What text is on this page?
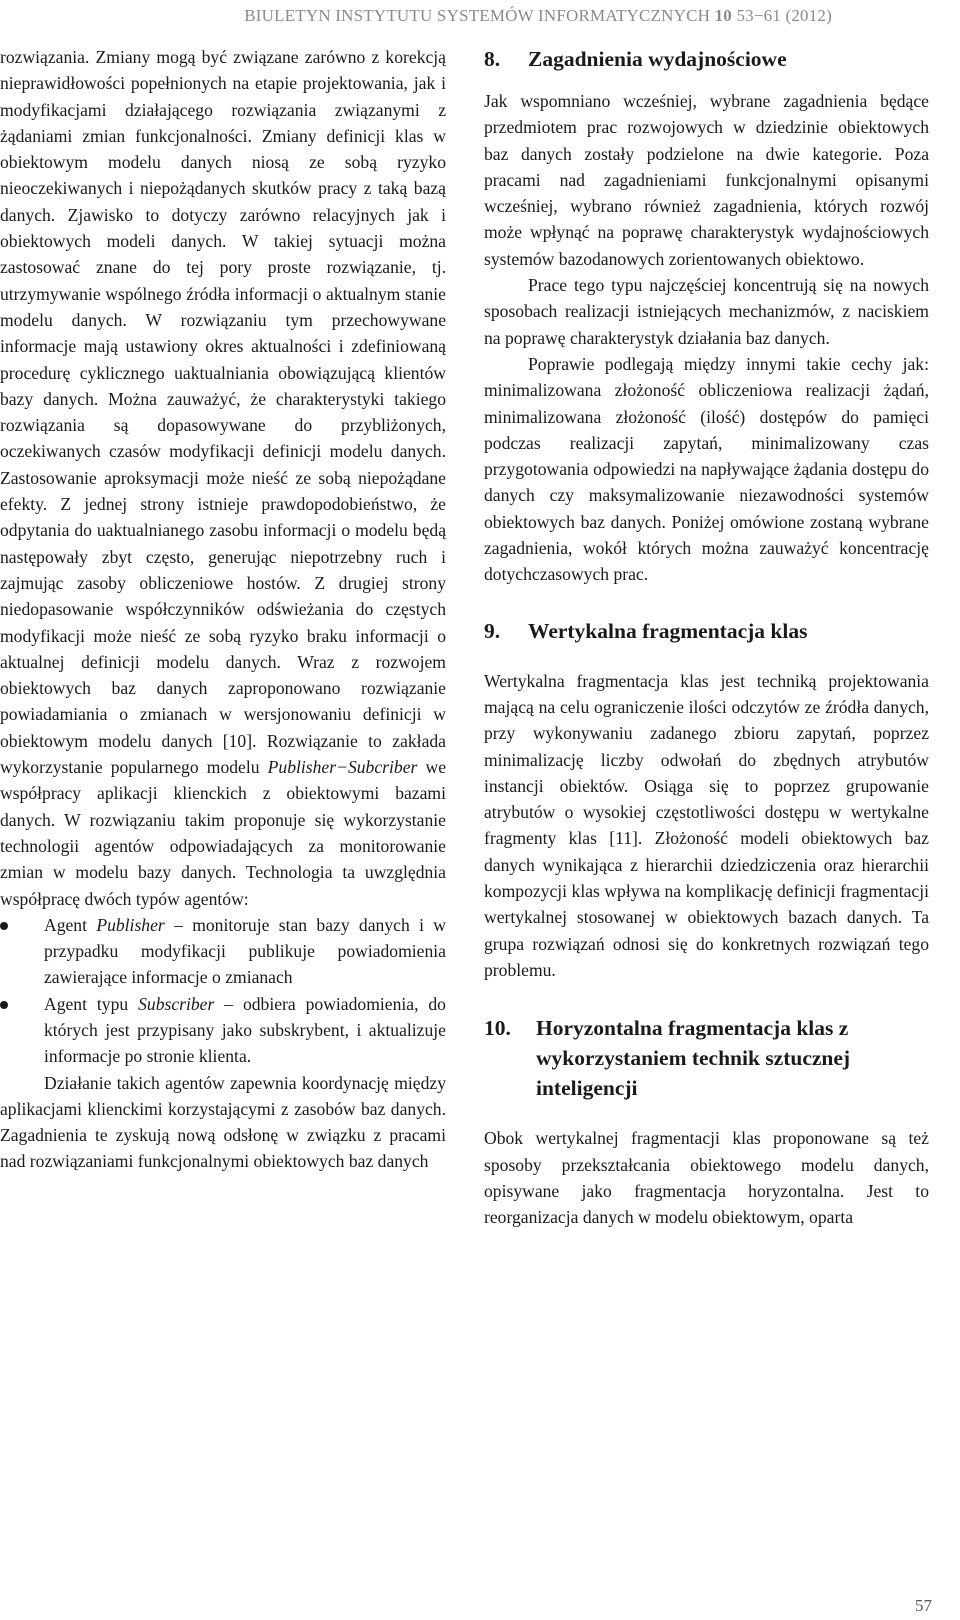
BIULETYN INSTYTUTU SYSTEMÓW INFORMATYCZNYCH 10 53−61 (2012)

rozwiązania. Zmiany mogą być związane zarówno z korekcją nieprawidłowości popełnionych na etapie projektowania, jak i modyfikacjami działającego rozwiązania związanymi z żądaniami zmian funkcjonalności. Zmiany definicji klas w obiektowym modelu danych niosą ze sobą ryzyko nieoczekiwanych i niepożądanych skutków pracy z taką bazą danych. Zjawisko to dotyczy zarówno relacyjnych jak i obiektowych modeli danych. W takiej sytuacji można zastosować znane do tej pory proste rozwiązanie, tj. utrzymywanie wspólnego źródła informacji o aktualnym stanie modelu danych. W rozwiązaniu tym przechowywane informacje mają ustawiony okres aktualności i zdefiniowaną procedurę cyklicznego uaktualniania obowiązującą klientów bazy danych. Można zauważyć, że charakterystyki takiego rozwiązania są dopasowywane do przybliżonych, oczekiwanych czasów modyfikacji definicji modelu danych. Zastosowanie aproksymacji może nieść ze sobą niepożądane efekty. Z jednej strony istnieje prawdopodobieństwo, że odpytania do uaktualnianego zasobu informacji o modelu będą następowały zbyt często, generując niepotrzebny ruch i zajmując zasoby obliczeniowe hostów. Z drugiej strony niedopasowanie współczynników odświeżania do częstych modyfikacji może nieść ze sobą ryzyko braku informacji o aktualnej definicji modelu danych. Wraz z rozwojem obiektowych baz danych zaproponowano rozwiązanie powiadamiania o zmianach w wersjonowaniu definicji w obiektowym modelu danych [10]. Rozwiązanie to zakłada wykorzystanie popularnego modelu Publisher−Subcriber we współpracy aplikacji klienckich z obiektowymi bazami danych. W rozwiązaniu takim proponuje się wykorzystanie technologii agentów odpowiadających za monitorowanie zmian w modelu bazy danych. Technologia ta uwzględnia współpracę dwóch typów agentów:

Agent Publisher – monitoruje stan bazy danych i w przypadku modyfikacji publikuje powiadomienia zawierające informacje o zmianach
Agent typu Subscriber – odbiera powiadomienia, do których jest przypisany jako subskrybent, i aktualizuje informacje po stronie klienta.

Działanie takich agentów zapewnia koordynację między aplikacjami klienckimi korzystającymi z zasobów baz danych. Zagadnienia te zyskują nową odsłonę w związku z pracami nad rozwiązaniami funkcjonalnymi obiektowych baz danych

8.	Zagadnienia wydajnościowe

Jak wspomniano wcześniej, wybrane zagadnienia będące przedmiotem prac rozwojowych w dziedzinie obiektowych baz danych zostały podzielone na dwie kategorie. Poza pracami nad zagadnieniami funkcjonalnymi opisanymi wcześniej, wybrano również zagadnienia, których rozwój może wpłynąć na poprawę charakterystyk wydajnościowych systemów bazodanowych zorientowanych obiektowo.

Prace tego typu najczęściej koncentrują się na nowych sposobach realizacji istniejących mechanizmów, z naciskiem na poprawę charakterystyk działania baz danych.

Poprawie podlegają między innymi takie cechy jak: minimalizowana złożoność obliczeniowa realizacji żądań, minimalizowana złożoność (ilość) dostępów do pamięci podczas realizacji zapytań, minimalizowany czas przygotowania odpowiedzi na napływające żądania dostępu do danych czy maksymalizowanie niezawodności systemów obiektowych baz danych. Poniżej omówione zostaną wybrane zagadnienia, wokół których można zauważyć koncentrację dotychczasowych prac.

9.	Wertykalna fragmentacja klas

Wertykalna fragmentacja klas jest techniką projektowania mającą na celu ograniczenie ilości odczytów ze źródła danych, przy wykonywaniu zadanego zbioru zapytań, poprzez minimalizację liczby odwołań do zbędnych atrybutów instancji obiektów. Osiąga się to poprzez grupowanie atrybutów o wysokiej częstotliwości dostępu w wertykalne fragmenty klas [11]. Złożoność modeli obiektowych baz danych wynikająca z hierarchii dziedziczenia oraz hierarchii kompozycji klas wpływa na komplikację definicji fragmentacji wertykalnej stosowanej w obiektowych bazach danych. Ta grupa rozwiązań odnosi się do konkretnych rozwiązań tego problemu.

10.	Horyzontalna fragmentacja klas z wykorzystaniem technik sztucznej inteligencji

Obok wertykalnej fragmentacji klas proponowane są też sposoby przekształcania obiektowego modelu danych, opisywane jako fragmentacja horyzontalna. Jest to reorganizacja danych w modelu obiektowym, oparta

57
